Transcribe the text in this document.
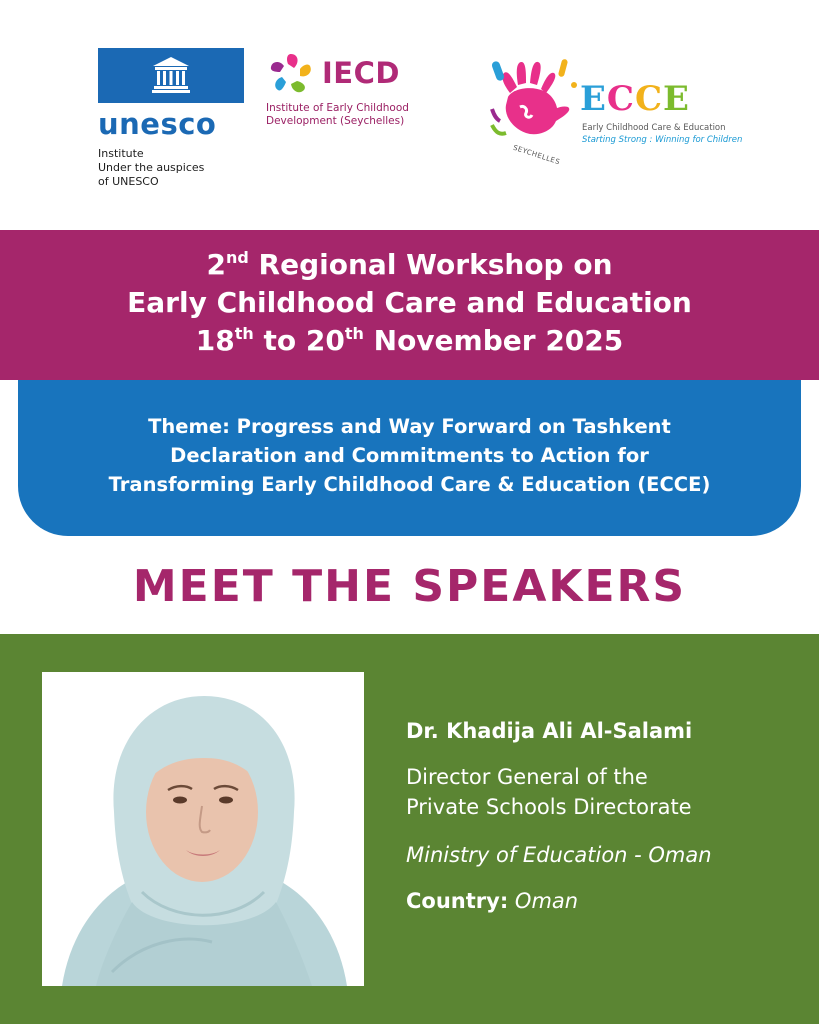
unesco
Institute
Under the auspices
of UNESCO
IECD
Institute of Early Childhood
Development (Seychelles)
ECCE
Early Childhood Care & Education
Starting Strong : Winning for Children
SEYCHELLES
2nd Regional Workshop on
Early Childhood Care and Education
18th to 20th November 2025
Theme: Progress and Way Forward on Tashkent
Declaration and Commitments to Action for
Transforming Early Childhood Care & Education (ECCE)
MEET THE SPEAKERS
Dr. Khadija Ali Al-Salami
Director General of the
Private Schools Directorate
Ministry of Education - Oman
Country: Oman
